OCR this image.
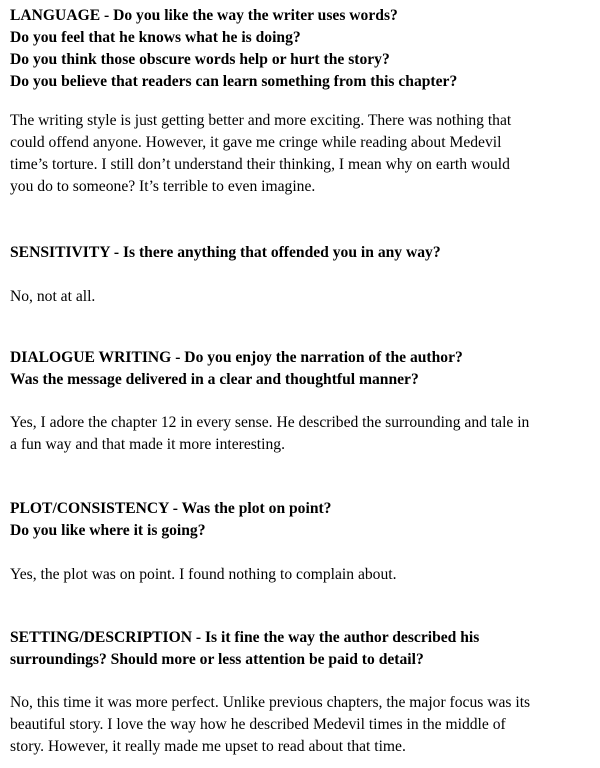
LANGUAGE - Do you like the way the writer uses words?
Do you feel that he knows what he is doing?
Do you think those obscure words help or hurt the story?
Do you believe that readers can learn something from this chapter?

The writing style is just getting better and more exciting. There was nothing that
could offend anyone. However, it gave me cringe while reading about Medevil
time’s torture. I still don’t understand their thinking, I mean why on earth would
you do to someone? It’s terrible to even imagine.

SENSITIVITY - Is there anything that offended you in any way?

No, not at all.

DIALOGUE WRITING - Do you enjoy the narration of the author?
Was the message delivered in a clear and thoughtful manner?

Yes, I adore the chapter 12 in every sense. He described the surrounding and tale in
a fun way and that made it more interesting.

PLOT/CONSISTENCY - Was the plot on point?
Do you like where it is going?

Yes, the plot was on point. I found nothing to complain about.

SETTING/DESCRIPTION - Is it fine the way the author described his
surroundings? Should more or less attention be paid to detail?

No, this time it was more perfect. Unlike previous chapters, the major focus was its
beautiful story. I love the way how he described Medevil times in the middle of
story. However, it really made me upset to read about that time.
